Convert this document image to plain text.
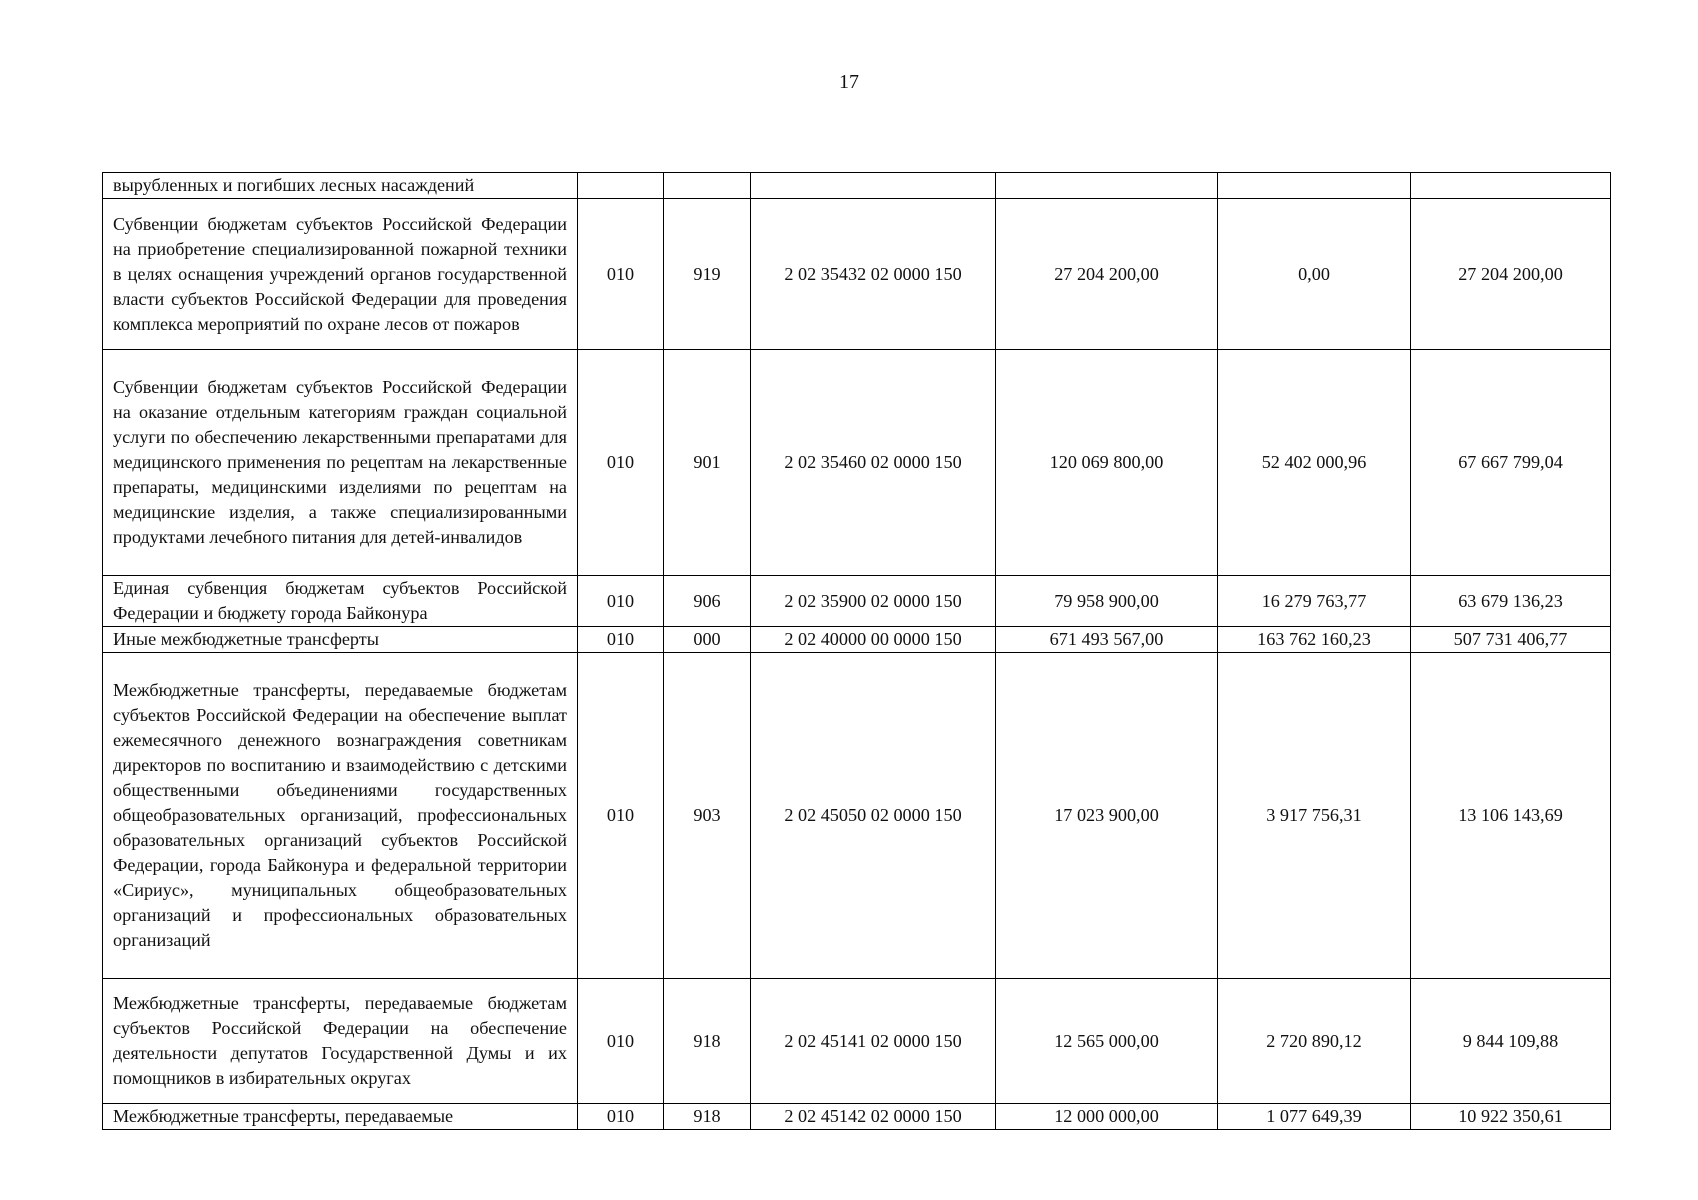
17
вырубленных и погибших лесных насаждений						
Субвенции бюджетам субъектов Российской Федерации на приобретение специализированной пожарной техники в целях оснащения учреждений органов государственной власти субъектов Российской Федерации для проведения комплекса мероприятий по охране лесов от пожаров	010	919	2 02 35432 02 0000 150	27 204 200,00	0,00	27 204 200,00
Субвенции бюджетам субъектов Российской Федерации на оказание отдельным категориям граждан социальной услуги по обеспечению лекарственными препаратами для медицинского применения по рецептам на лекарственные препараты, медицинскими изделиями по рецептам на медицинские изделия, а также специализированными продуктами лечебного питания для детей-инвалидов	010	901	2 02 35460 02 0000 150	120 069 800,00	52 402 000,96	67 667 799,04
Единая субвенция бюджетам субъектов Российской Федерации и бюджету города Байконура	010	906	2 02 35900 02 0000 150	79 958 900,00	16 279 763,77	63 679 136,23
Иные межбюджетные трансферты	010	000	2 02 40000 00 0000 150	671 493 567,00	163 762 160,23	507 731 406,77
Межбюджетные трансферты, передаваемые бюджетам субъектов Российской Федерации на обеспечение выплат ежемесячного денежного вознаграждения советникам директоров по воспитанию и взаимодействию с детскими общественными объединениями государственных общеобразовательных организаций, профессиональных образовательных организаций субъектов Российской Федерации, города Байконура и федеральной территории «Сириус», муниципальных общеобразовательных организаций и профессиональных образовательных организаций	010	903	2 02 45050 02 0000 150	17 023 900,00	3 917 756,31	13 106 143,69
Межбюджетные трансферты, передаваемые бюджетам субъектов Российской Федерации на обеспечение деятельности депутатов Государственной Думы и их помощников в избирательных округах	010	918	2 02 45141 02 0000 150	12 565 000,00	2 720 890,12	9 844 109,88
Межбюджетные трансферты, передаваемые	010	918	2 02 45142 02 0000 150	12 000 000,00	1 077 649,39	10 922 350,61
